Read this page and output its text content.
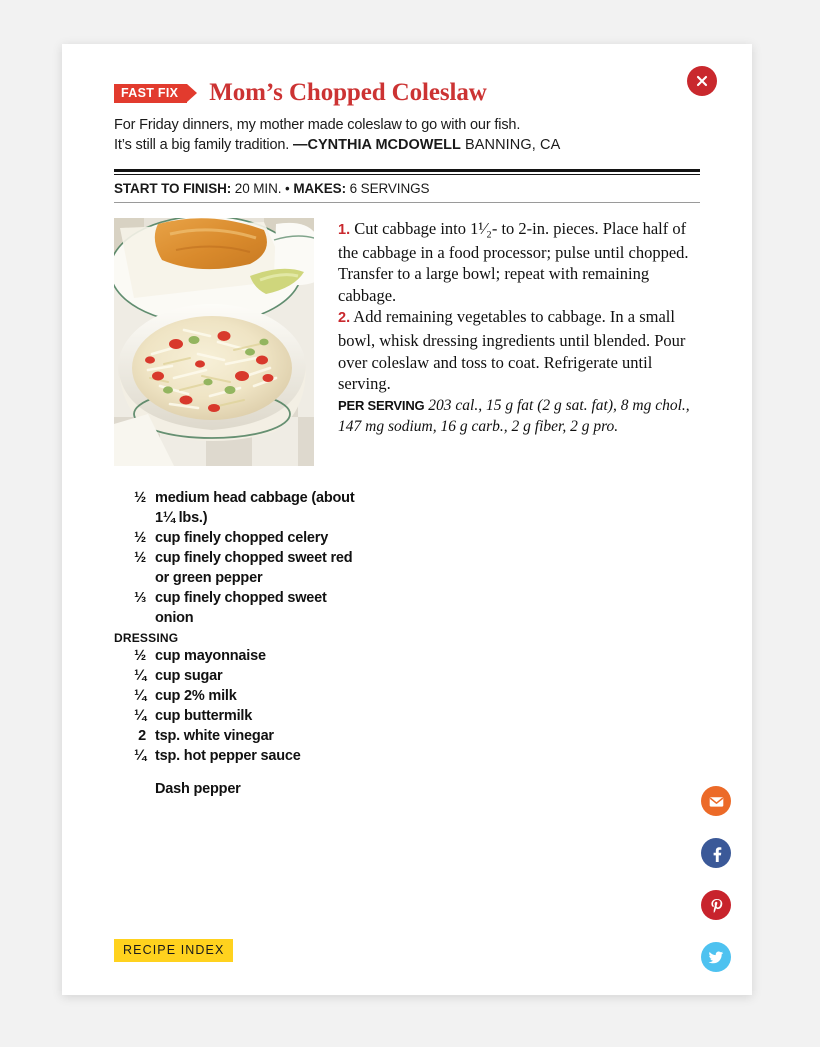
FAST FIX	Mom’s Chopped Coleslaw
For Friday dinners, my mother made coleslaw to go with our fish.
It’s still a big family tradition. —CYNTHIA MCDOWELL BANNING, CA
START TO FINISH: 20 MIN. • MAKES: 6 SERVINGS

1. Cut cabbage into 1¹⁄₂- to 2-in. pieces. Place half of the cabbage in a food processor; pulse until chopped. Transfer to a large bowl; repeat with remaining cabbage.

2. Add remaining vegetables to cabbage. In a small bowl, whisk dressing ingredients until blended. Pour over coleslaw and toss to coat. Refrigerate until serving.

PER SERVING 203 cal., 15 g fat (2 g sat. fat), 8 mg chol., 147 mg sodium, 16 g carb., 2 g fiber, 2 g pro.

½ medium head cabbage (about 1¼ lbs.)
½ cup finely chopped celery
½ cup finely chopped sweet red or green pepper
⅓ cup finely chopped sweet onion
DRESSING
½ cup mayonnaise
¼ cup sugar
¼ cup 2% milk
¼ cup buttermilk
2 tsp. white vinegar
¼ tsp. hot pepper sauce
Dash pepper
RECIPE INDEX
